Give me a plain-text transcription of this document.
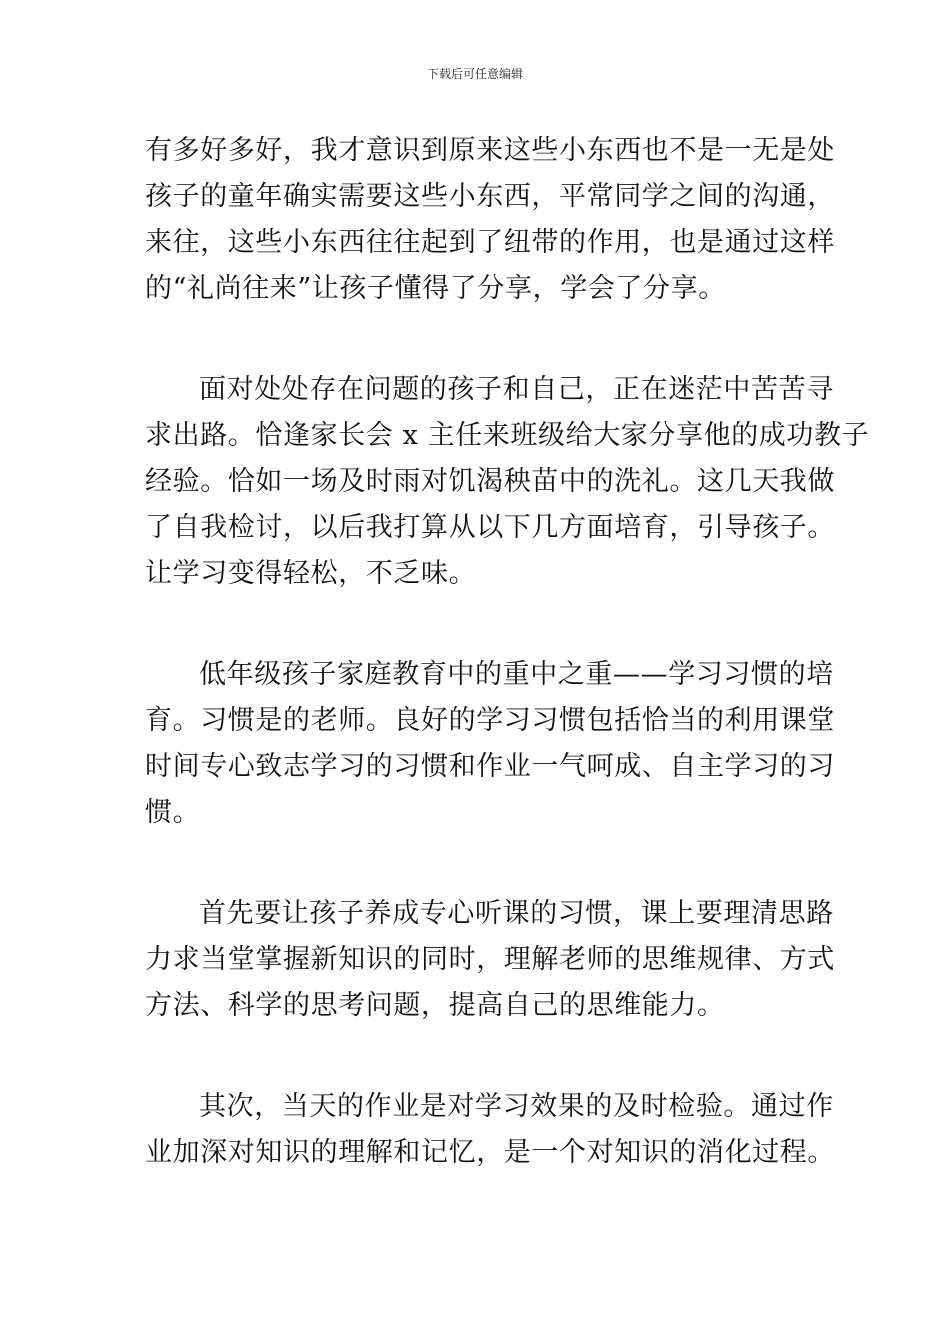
下载后可任意编辑

有多好多好，我才意识到原来这些小东西也不是一无是处
孩子的童年确实需要这些小东西，平常同学之间的沟通，
来往，这些小东西往往起到了纽带的作用，也是通过这样
的“礼尚往来”让孩子懂得了分享，学会了分享。

面对处处存在问题的孩子和自己，正在迷茫中苦苦寻
求出路。恰逢家长会 x 主任来班级给大家分享他的成功教子
经验。恰如一场及时雨对饥渴秧苗中的洗礼。这几天我做
了自我检讨，以后我打算从以下几方面培育，引导孩子。
让学习变得轻松，不乏味。

低年级孩子家庭教育中的重中之重——学习习惯的培
育。习惯是的老师。良好的学习习惯包括恰当的利用课堂
时间专心致志学习的习惯和作业一气呵成、自主学习的习
惯。

首先要让孩子养成专心听课的习惯，课上要理清思路
力求当堂掌握新知识的同时，理解老师的思维规律、方式
方法、科学的思考问题，提高自己的思维能力。

其次，当天的作业是对学习效果的及时检验。通过作
业加深对知识的理解和记忆，是一个对知识的消化过程。
